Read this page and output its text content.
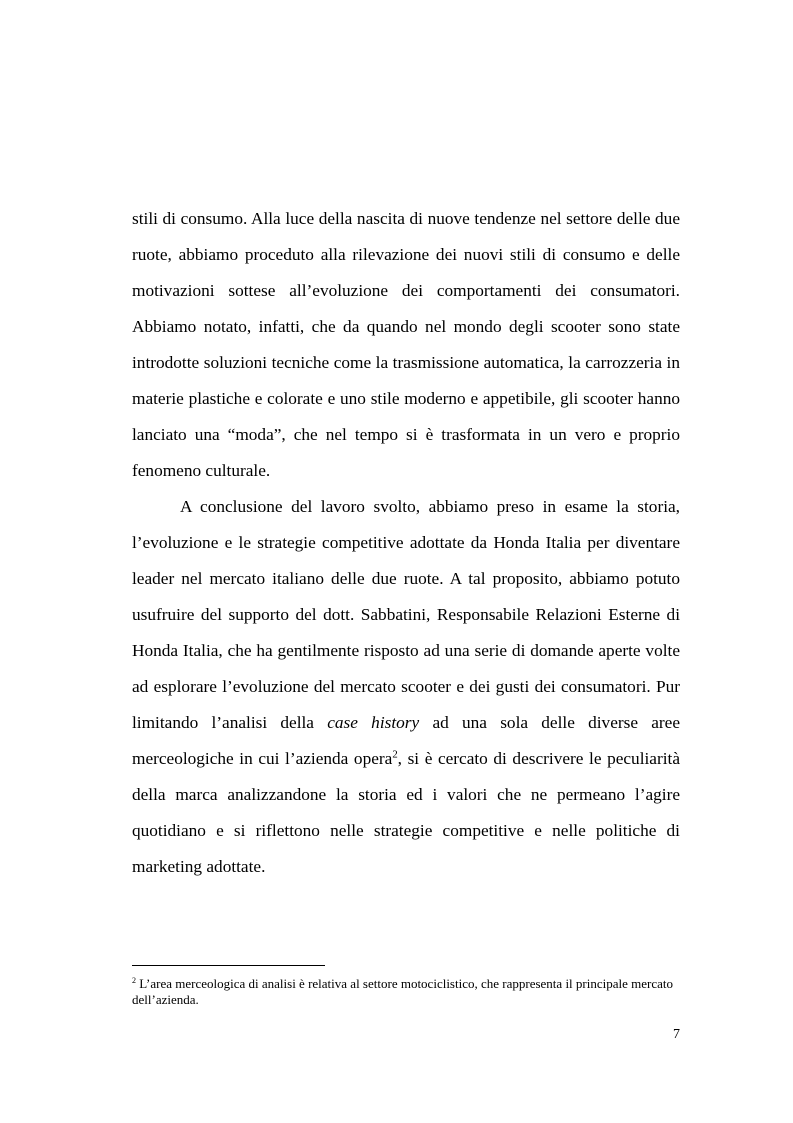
stili di consumo. Alla luce della nascita di nuove tendenze nel settore delle due ruote, abbiamo proceduto alla rilevazione dei nuovi stili di consumo e delle motivazioni sottese all’evoluzione dei comportamenti dei consumatori. Abbiamo notato, infatti, che da quando nel mondo degli scooter sono state introdotte soluzioni tecniche come la trasmissione automatica, la carrozzeria in materie plastiche e colorate e uno stile moderno e appetibile, gli scooter hanno lanciato una “moda”, che nel tempo si è trasformata in un vero e proprio fenomeno culturale.

A conclusione del lavoro svolto, abbiamo preso in esame la storia, l’evoluzione e le strategie competitive adottate da Honda Italia per diventare leader nel mercato italiano delle due ruote. A tal proposito, abbiamo potuto usufruire del supporto del dott. Sabbatini, Responsabile Relazioni Esterne di Honda Italia, che ha gentilmente risposto ad una serie di domande aperte volte ad esplorare l’evoluzione del mercato scooter e dei gusti dei consumatori. Pur limitando l’analisi della case history ad una sola delle diverse aree merceologiche in cui l’azienda opera$^2$, si è cercato di descrivere le peculiarità della marca analizzandone la storia ed i valori che ne permeano l’agire quotidiano e si riflettono nelle strategie competitive e nelle politiche di marketing adottate.

$^2$ L’area merceologica di analisi è relativa al settore motociclistico, che rappresenta il principale mercato dell’azienda.

7
